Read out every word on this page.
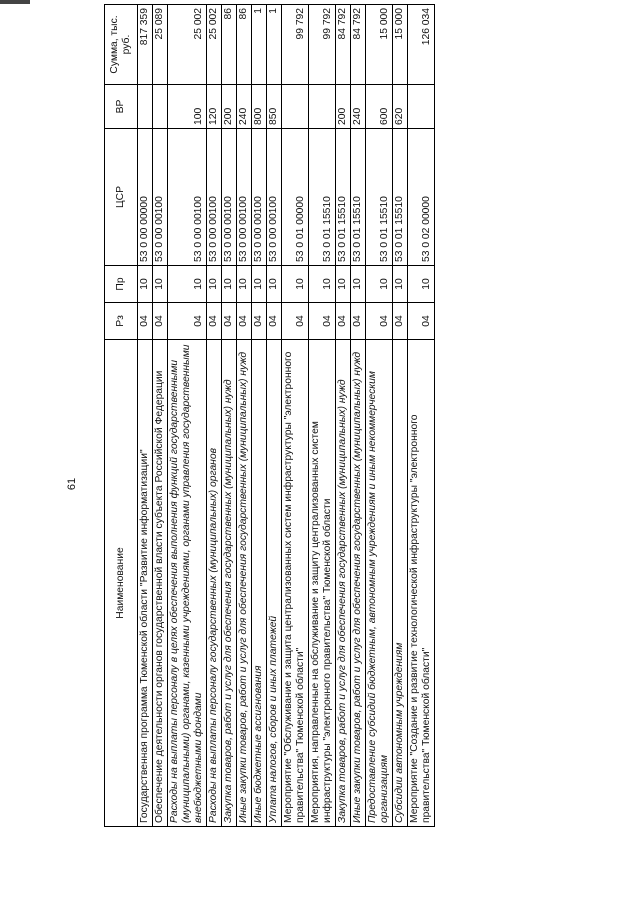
61
Наименование	Рз	Пр	ЦСР	ВР	Сумма, тыс. руб.
Государственная программа Тюменской области "Развитие информатизации"	04	10	53 0 00 00000		817 359
Обеспечение деятельности органов государственной власти субъекта Российской Федерации	04	10	53 0 00 00100		25 089
Расходы на выплаты персоналу в целях обеспечения выполнения функций государственными (муниципальными) органами, казенными учреждениями, органами управления государственными внебюджетными фондами	04	10	53 0 00 00100	100	25 002
Расходы на выплаты персоналу государственных (муниципальных) органов	04	10	53 0 00 00100	120	25 002
Закупка товаров, работ и услуг для обеспечения государственных (муниципальных) нужд	04	10	53 0 00 00100	200	86
Иные закупки товаров, работ и услуг для обеспечения государственных (муниципальных) нужд	04	10	53 0 00 00100	240	86
Иные бюджетные ассигнования	04	10	53 0 00 00100	800	1
Уплата налогов, сборов и иных платежей	04	10	53 0 00 00100	850	1
Мероприятие "Обслуживание и защита централизованных систем инфраструктуры "электронного правительства" Тюменской области"	04	10	53 0 01 00000		99 792
Мероприятия, направленные на обслуживание и защиту централизованных систем инфраструктуры "электронного правительства" Тюменской области	04	10	53 0 01 15510		99 792
Закупка товаров, работ и услуг для обеспечения государственных (муниципальных) нужд	04	10	53 0 01 15510	200	84 792
Иные закупки товаров, работ и услуг для обеспечения государственных (муниципальных) нужд	04	10	53 0 01 15510	240	84 792
Предоставление субсидий бюджетным, автономным учреждениям и иным некоммерческим организациям	04	10	53 0 01 15510	600	15 000
Субсидии автономным учреждениям	04	10	53 0 01 15510	620	15 000
Мероприятие "Создание и развитие технологической инфраструктуры "электронного правительства" Тюменской области"	04	10	53 0 02 00000		126 034
